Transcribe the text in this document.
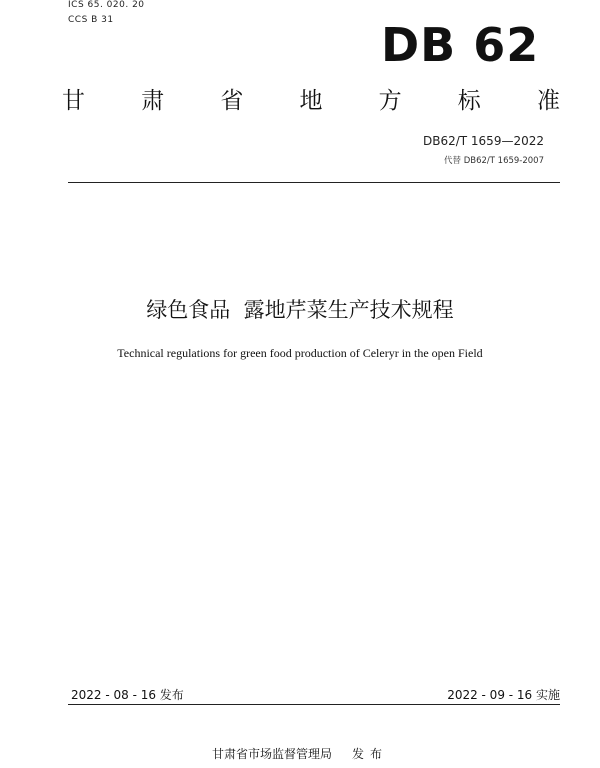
ICS 65. 020. 20
CCS B 31	DB 62
甘 肃 省 地 方 标 准
DB62/T 1659—2022
代替 DB62/T 1659-2007
绿色食品  露地芹菜生产技术规程
Technical regulations for green food production of Celeryr in the open Field
2022 - 08 - 16 发布	2022 - 09 - 16 实施
甘肃省市场监督管理局 发布
